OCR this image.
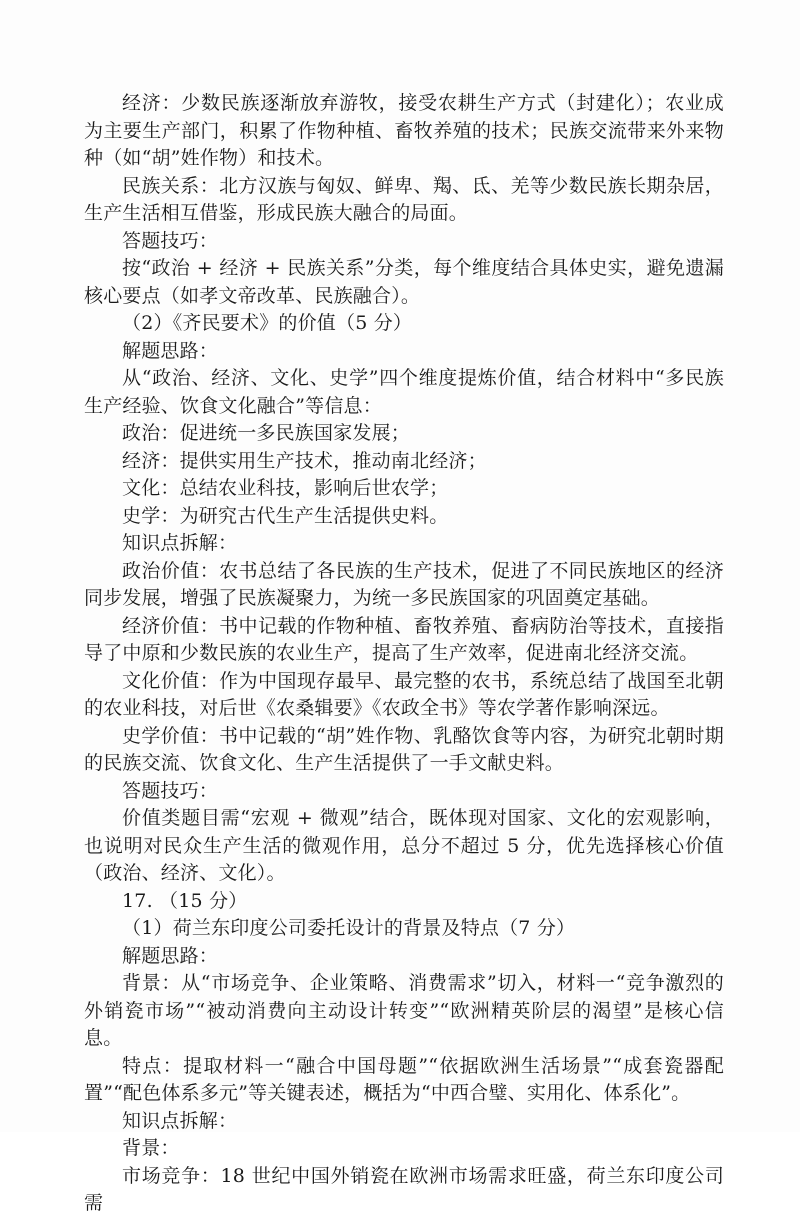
经济：少数民族逐渐放弃游牧，接受农耕生产方式（封建化）；农业成为主要生产部门，积累了作物种植、畜牧养殖的技术；民族交流带来外来物种（如“胡”姓作物）和技术。

民族关系：北方汉族与匈奴、鲜卑、羯、氐、羌等少数民族长期杂居，生产生活相互借鉴，形成民族大融合的局面。

答题技巧：

按“政治 + 经济 + 民族关系”分类，每个维度结合具体史实，避免遗漏核心要点（如孝文帝改革、民族融合）。

（2）《齐民要术》的价值（5 分）

解题思路：

从“政治、经济、文化、史学”四个维度提炼价值，结合材料中“多民族生产经验、饮食文化融合”等信息：

政治：促进统一多民族国家发展；

经济：提供实用生产技术，推动南北经济；

文化：总结农业科技，影响后世农学；

史学：为研究古代生产生活提供史料。

知识点拆解：

政治价值：农书总结了各民族的生产技术，促进了不同民族地区的经济同步发展，增强了民族凝聚力，为统一多民族国家的巩固奠定基础。

经济价值：书中记载的作物种植、畜牧养殖、畜病防治等技术，直接指导了中原和少数民族的农业生产，提高了生产效率，促进南北经济交流。

文化价值：作为中国现存最早、最完整的农书，系统总结了战国至北朝的农业科技，对后世《农桑辑要》《农政全书》等农学著作影响深远。

史学价值：书中记载的“胡”姓作物、乳酪饮食等内容，为研究北朝时期的民族交流、饮食文化、生产生活提供了一手文献史料。

答题技巧：

价值类题目需“宏观 + 微观”结合，既体现对国家、文化的宏观影响，也说明对民众生产生活的微观作用，总分不超过 5 分，优先选择核心价值（政治、经济、文化）。

17. （15 分）

（1）荷兰东印度公司委托设计的背景及特点（7 分）

解题思路：

背景：从“市场竞争、企业策略、消费需求”切入，材料一“竞争激烈的外销瓷市场”“被动消费向主动设计转变”“欧洲精英阶层的渴望”是核心信息。

特点：提取材料一“融合中国母题”“依据欧洲生活场景”“成套瓷器配置”“配色体系多元”等关键表述，概括为“中西合璧、实用化、体系化”。

知识点拆解：

背景：

市场竞争：18 世纪中国外销瓷在欧洲市场需求旺盛，荷兰东印度公司需
